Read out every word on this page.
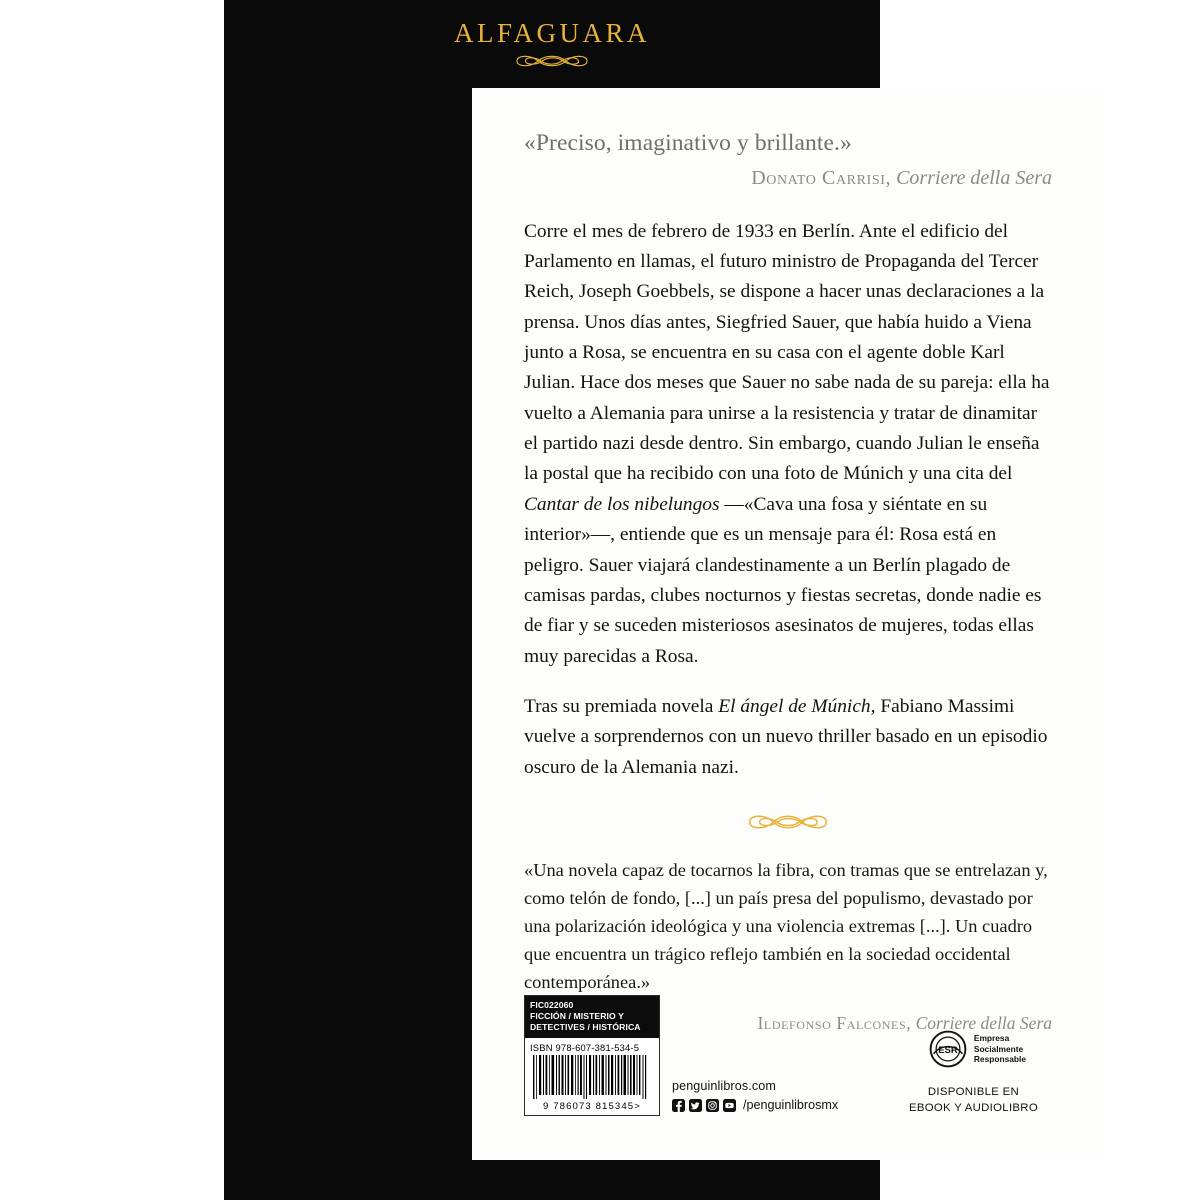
ALFAGUARA

«Preciso, imaginativo y brillante.»

Donato Carrisi, Corriere della Sera

Corre el mes de febrero de 1933 en Berlín. Ante el edificio del Parlamento en llamas, el futuro ministro de Propaganda del Tercer Reich, Joseph Goebbels, se dispone a hacer unas declaraciones a la prensa. Unos días antes, Siegfried Sauer, que había huido a Viena junto a Rosa, se encuentra en su casa con el agente doble Karl Julian. Hace dos meses que Sauer no sabe nada de su pareja: ella ha vuelto a Alemania para unirse a la resistencia y tratar de dinamitar el partido nazi desde dentro. Sin embargo, cuando Julian le enseña la postal que ha recibido con una foto de Múnich y una cita del Cantar de los nibelungos —«Cava una fosa y siéntate en su interior»—, entiende que es un mensaje para él: Rosa está en peligro. Sauer viajará clandestinamente a un Berlín plagado de camisas pardas, clubes nocturnos y fiestas secretas, donde nadie es de fiar y se suceden misteriosos asesinatos de mujeres, todas ellas muy parecidas a Rosa.

Tras su premiada novela El ángel de Múnich, Fabiano Massimi vuelve a sorprendernos con un nuevo thriller basado en un episodio oscuro de la Alemania nazi.

«Una novela capaz de tocarnos la fibra, con tramas que se entrelazan y, como telón de fondo, [...] un país presa del populismo, devastado por una polarización ideológica y una violencia extremas [...]. Un cuadro que encuentra un trágico reflejo también en la sociedad occidental contemporánea.»

Ildefonso Falcones, Corriere della Sera
FIC022060
FICCIÓN / MISTERIO Y DETECTIVES / HISTÓRICA
ISBN 978-607-381-534-5
9 786073 815345>
penguinlibros.com
/penguinlibrosmx
ESR
Empresa
Socialmente
Responsable
DISPONIBLE EN
EBOOK Y AUDIOLIBRO
